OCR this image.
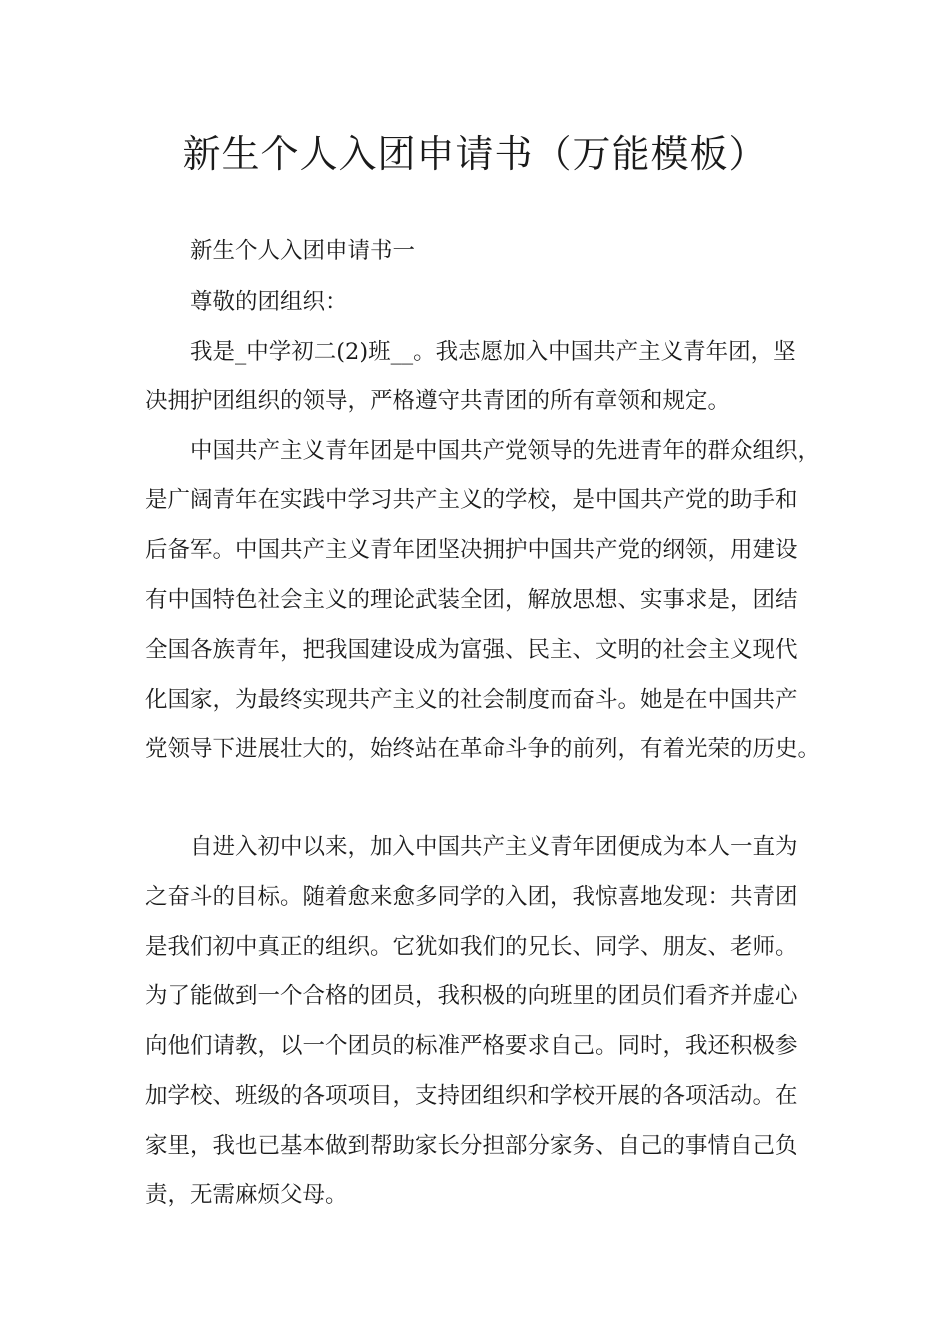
新生个人入团申请书（万能模板）

新生个人入团申请书一

尊敬的团组织：

我是_中学初二(2)班__。我志愿加入中国共产主义青年团，坚

决拥护团组织的领导，严格遵守共青团的所有章领和规定。

中国共产主义青年团是中国共产党领导的先进青年的群众组织，

是广阔青年在实践中学习共产主义的学校，是中国共产党的助手和

后备军。中国共产主义青年团坚决拥护中国共产党的纲领，用建设

有中国特色社会主义的理论武装全团，解放思想、实事求是，团结

全国各族青年，把我国建设成为富强、民主、文明的社会主义现代

化国家，为最终实现共产主义的社会制度而奋斗。她是在中国共产

党领导下进展壮大的，始终站在革命斗争的前列，有着光荣的历史。

自进入初中以来，加入中国共产主义青年团便成为本人一直为

之奋斗的目标。随着愈来愈多同学的入团，我惊喜地发现：共青团

是我们初中真正的组织。它犹如我们的兄长、同学、朋友、老师。

为了能做到一个合格的团员，我积极的向班里的团员们看齐并虚心

向他们请教，以一个团员的标准严格要求自己。同时，我还积极参

加学校、班级的各项项目，支持团组织和学校开展的各项活动。在

家里，我也已基本做到帮助家长分担部分家务、自己的事情自己负

责，无需麻烦父母。
